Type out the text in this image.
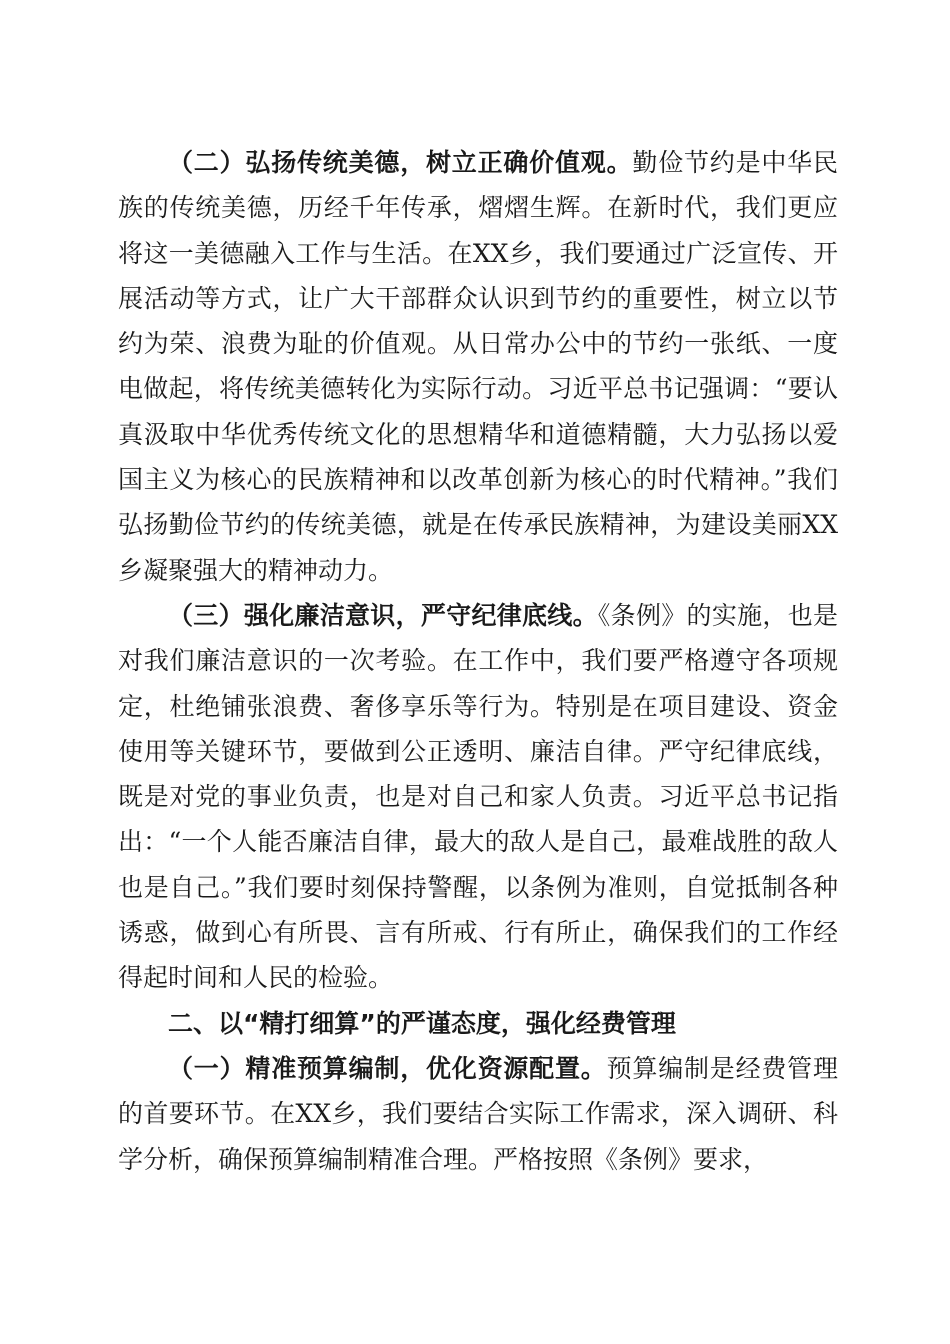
（二）弘扬传统美德，树立正确价值观。勤俭节约是中华民族的传统美德，历经千年传承，熠熠生辉。在新时代，我们更应将这一美德融入工作与生活。在XX乡，我们要通过广泛宣传、开展活动等方式，让广大干部群众认识到节约的重要性，树立以节约为荣、浪费为耻的价值观。从日常办公中的节约一张纸、一度电做起，将传统美德转化为实际行动。习近平总书记强调：“要认真汲取中华优秀传统文化的思想精华和道德精髓，大力弘扬以爱国主义为核心的民族精神和以改革创新为核心的时代精神。”我们弘扬勤俭节约的传统美德，就是在传承民族精神，为建设美丽XX乡凝聚强大的精神动力。

（三）强化廉洁意识，严守纪律底线。《条例》的实施，也是对我们廉洁意识的一次考验。在工作中，我们要严格遵守各项规定，杜绝铺张浪费、奢侈享乐等行为。特别是在项目建设、资金使用等关键环节，要做到公正透明、廉洁自律。严守纪律底线，既是对党的事业负责，也是对自己和家人负责。习近平总书记指出：“一个人能否廉洁自律，最大的敌人是自己，最难战胜的敌人也是自己。”我们要时刻保持警醒，以条例为准则，自觉抵制各种诱惑，做到心有所畏、言有所戒、行有所止，确保我们的工作经得起时间和人民的检验。

二、以“精打细算”的严谨态度，强化经费管理

（一）精准预算编制，优化资源配置。预算编制是经费管理的首要环节。在XX乡，我们要结合实际工作需求，深入调研、科学分析，确保预算编制精准合理。严格按照《条例》要求，
